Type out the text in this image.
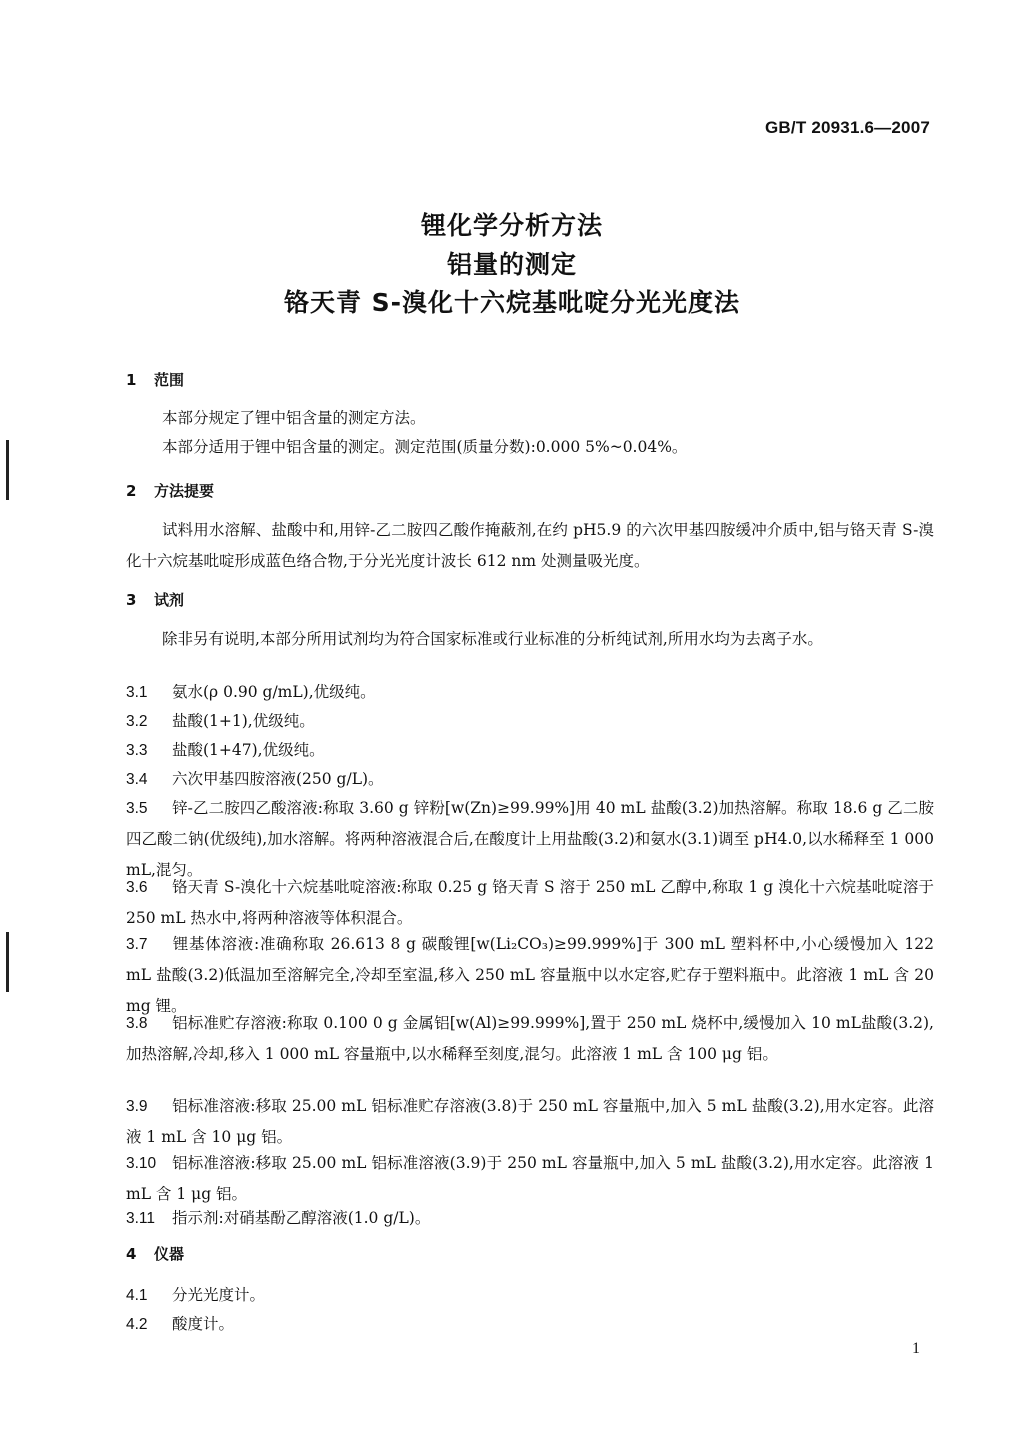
GB/T 20931.6—2007
锂化学分析方法
铝量的测定
铬天青 S-溴化十六烷基吡啶分光光度法
1 范围
本部分规定了锂中铝含量的测定方法。
本部分适用于锂中铝含量的测定。测定范围(质量分数):0.000 5%~0.04%。
2 方法提要
试料用水溶解、盐酸中和,用锌-乙二胺四乙酸作掩蔽剂,在约 pH5.9 的六次甲基四胺缓冲介质中,铝与铬天青 S-溴化十六烷基吡啶形成蓝色络合物,于分光光度计波长 612 nm 处测量吸光度。
3 试剂
除非另有说明,本部分所用试剂均为符合国家标准或行业标准的分析纯试剂,所用水均为去离子水。
3.1 氨水(ρ 0.90 g/mL),优级纯。
3.2 盐酸(1+1),优级纯。
3.3 盐酸(1+47),优级纯。
3.4 六次甲基四胺溶液(250 g/L)。
3.5 锌-乙二胺四乙酸溶液:称取 3.60 g 锌粉[w(Zn)≥99.99%]用 40 mL 盐酸(3.2)加热溶解。称取 18.6 g 乙二胺四乙酸二钠(优级纯),加水溶解。将两种溶液混合后,在酸度计上用盐酸(3.2)和氨水(3.1)调至 pH4.0,以水稀释至 1 000 mL,混匀。
3.6 铬天青 S-溴化十六烷基吡啶溶液:称取 0.25 g 铬天青 S 溶于 250 mL 乙醇中,称取 1 g 溴化十六烷基吡啶溶于 250 mL 热水中,将两种溶液等体积混合。
3.7 锂基体溶液:准确称取 26.613 8 g 碳酸锂[w(Li₂CO₃)≥99.999%]于 300 mL 塑料杯中,小心缓慢加入 122 mL 盐酸(3.2)低温加至溶解完全,冷却至室温,移入 250 mL 容量瓶中以水定容,贮存于塑料瓶中。此溶液 1 mL 含 20 mg 锂。
3.8 铝标准贮存溶液:称取 0.100 0 g 金属铝[w(Al)≥99.999%],置于 250 mL 烧杯中,缓慢加入 10 mL盐酸(3.2),加热溶解,冷却,移入 1 000 mL 容量瓶中,以水稀释至刻度,混匀。此溶液 1 mL 含 100 μg 铝。
3.9 铝标准溶液:移取 25.00 mL 铝标准贮存溶液(3.8)于 250 mL 容量瓶中,加入 5 mL 盐酸(3.2),用水定容。此溶液 1 mL 含 10 μg 铝。
3.10 铝标准溶液:移取 25.00 mL 铝标准溶液(3.9)于 250 mL 容量瓶中,加入 5 mL 盐酸(3.2),用水定容。此溶液 1 mL 含 1 μg 铝。
3.11 指示剂:对硝基酚乙醇溶液(1.0 g/L)。
4 仪器
4.1 分光光度计。
4.2 酸度计。
1
